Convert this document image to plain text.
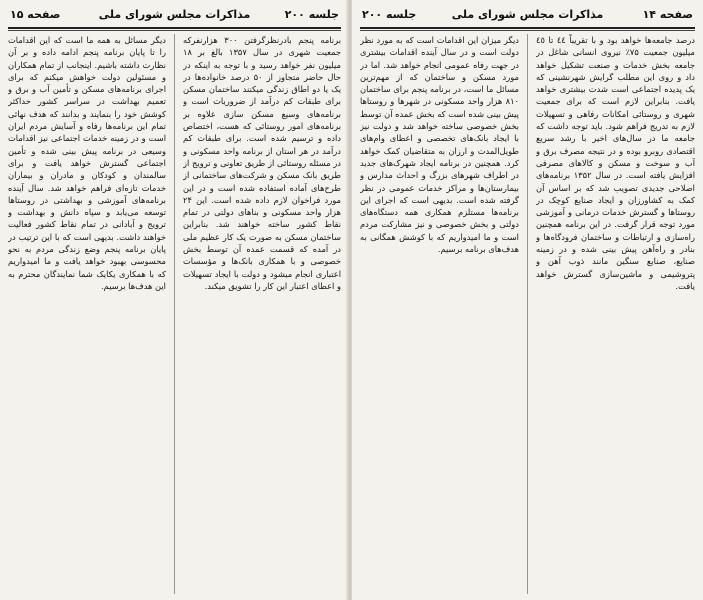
جلسه ۲۰۰
مذاکرات مجلس شورای ملی
صفحه ۱۵

برنامه پنجم بادرنظرگرفتن ۳۰۰ هزارنفرکه جمعیت شهری در سال ۱۳۵۷ بالغ بر ۱۸ میلیون نفر خواهد رسید و با توجه به اینکه در حال حاضر متجاوز از ۵۰ درصد خانواده‌ها در یک یا دو اطاق زندگی میکنند ساختمان مسکن برای طبقات کم درآمد از ضروریات است و برنامه‌های وسیع مسکن سازی علاوه بر برنامه‌های امور روستائی که هست، اختصاص داده و ترسیم شده است. برای طبقات کم درآمد در هر استان از برنامه واحد مسکونی و در مسئله روستائی از طریق تعاونی و ترویج از طریق بانک مسکن و شرکت‌های ساختمانی از طرح‌های آماده استفاده شده است و در این مورد فراخوان لازم داده شده است. این ۲۴ هزار واحد مسکونی و بنا‌های دولتی در تمام نقاط کشور ساخته خواهند شد. بنابراین ساختمان مسکن به صورت یک کار عظیم ملی در آمده که قسمت عمده آن توسط بخش خصوصی و با همکاری بانک‌ها و مؤسسات اعتباری انجام میشود و دولت با ایجاد تسهیلات و اعطای اعتبار این کار را تشویق میکند.

دیگر مسائل به همه ما است که این اقدامات را تا پایان برنامه پنجم ادامه داده و بر آن نظارت داشته باشیم. اینجانب از تمام همکاران و مسئولین دولت خواهش میکنم که برای اجرای برنامه‌های مسکن و تأمین آب و برق و تعمیم بهداشت در سراسر کشور حداکثر کوشش خود را بنمایند و بدانند که هدف نهائی تمام این برنامه‌ها رفاه و آسایش مردم ایران است و در زمینه خدمات اجتماعی نیز اقدامات وسیعی در برنامه پیش بینی شده و تأمین اجتماعی گسترش خواهد یافت و برای سالمندان و کودکان و مادران و بیماران خدمات تازه‌ای فراهم خواهد شد. سال آینده برنامه‌های آموزشی و بهداشتی در روستاها توسعه می‌یابد و سپاه دانش و بهداشت و ترویج و آبادانی در تمام نقاط کشور فعالیت خواهند داشت. بدیهی است که با این ترتیب در پایان برنامه پنجم وضع زندگی مردم به نحو محسوسی بهبود خواهد یافت و ما امیدواریم که با همکاری یکایک شما نمایندگان محترم به این هدف‌ها برسیم.

صفحه ۱۴
مذاکرات مجلس شورای ملی
جلسه ۲۰۰

درصد جامعه‌ها خواهد بود و با تقریباً ٤٤ تا ٤٥ میلیون جمعیت ۷۵٪ نیروی انسانی شاغل در جامعه بخش خدمات و صنعت تشکیل خواهد داد و روی این مطلب گرایش شهرنشینی که یک پدیده اجتماعی است شدت بیشتری خواهد یافت. بنابراین لازم است که برای جمعیت شهری و روستائی امکانات رفاهی و تسهیلات لازم به تدریج فراهم شود. باید توجه داشت که جامعه ما در سال‌های اخیر با رشد سریع اقتصادی روبرو بوده و در نتیجه مصرف برق و آب و سوخت و مسکن و کالاهای مصرفی افزایش یافته است. در سال ۱۳۵۲ برنامه‌های اصلاحی جدیدی تصویب شد که بر اساس آن کمک به کشاورزان و ایجاد صنایع کوچک در روستاها و گسترش خدمات درمانی و آموزشی مورد توجه قرار گرفت. در این برنامه همچنین راه‌سازی و ارتباطات و ساختمان فرودگاه‌ها و بنادر و راه‌آهن پیش بینی شده و در زمینه صنایع، صنایع سنگین مانند ذوب آهن و پتروشیمی و ماشین‌سازی گسترش خواهد یافت.

دیگر میزان این اقدامات است که به مورد نظر دولت است و در سال آینده اقدامات بیشتری در جهت رفاه عمومی انجام خواهد شد. اما در مورد مسکن و ساختمان که از مهم‌ترین مسائل ما است، در برنامه پنجم برای ساختمان ۸۱۰ هزار واحد مسکونی در شهرها و روستاها پیش بینی شده است که بخش عمده آن توسط بخش خصوصی ساخته خواهد شد و دولت نیز با ایجاد بانک‌های تخصصی و اعطای وام‌های طویل‌المدت و ارزان به متقاضیان کمک خواهد کرد. همچنین در برنامه ایجاد شهرک‌های جدید در اطراف شهرهای بزرگ و احداث مدارس و بیمارستان‌ها و مراکز خدمات عمومی در نظر گرفته شده است. بدیهی است که اجرای این برنامه‌ها مستلزم همکاری همه دستگاه‌های دولتی و بخش خصوصی و نیز مشارکت مردم است و ما امیدواریم که با کوشش همگانی به هدف‌های برنامه برسیم.
